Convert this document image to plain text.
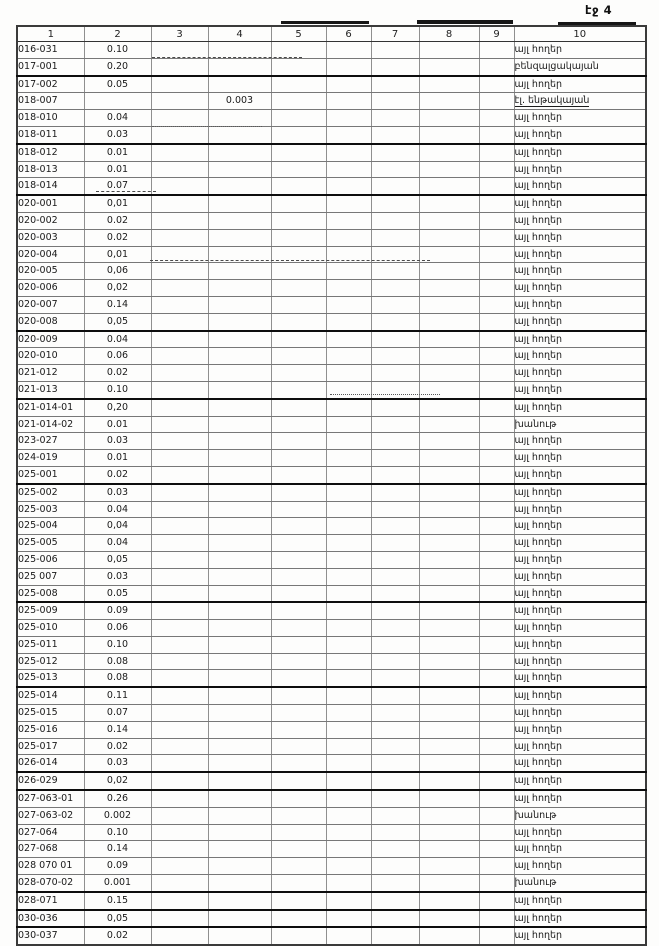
էջ 4
1	2	3	4	5	6	7	8	9	10
016-031	0.10								այլ հողեր
017-001	0.20								բենզալցակայան
017-002	0.05								այլ հողեր
018-007			0.003						էլ. ենթակայան
018-010	0.04								այլ հողեր
018-011	0.03								այլ հողեր
018-012	0.01								այլ հողեր
018-013	0.01								այլ հողեր
018-014	0.07								այլ հողեր
020-001	0,01								այլ հողեր
020-002	0.02								այլ հողեր
020-003	0.02								այլ հողեր
020-004	0,01								այլ հողեր
020-005	0,06								այլ հողեր
020-006	0,02								այլ հողեր
020-007	0.14								այլ հողեր
020-008	0,05								այլ հողեր
020-009	0.04								այլ հողեր
020-010	0.06								այլ հողեր
021-012	0.02								այլ հողեր
021-013	0.10								այլ հողեր
021-014-01	0,20								այլ հողեր
021-014-02	0.01								խանութ
023-027	0.03								այլ հողեր
024-019	0.01								այլ հողեր
025-001	0.02								այլ հողեր
025-002	0.03								այլ հողեր
025-003	0.04								այլ հողեր
025-004	0,04								այլ հողեր
025-005	0.04								այլ հողեր
025-006	0,05								այլ հողեր
025 007	0.03								այլ հողեր
025-008	0.05								այլ հողեր
025-009	0.09								այլ հողեր
025-010	0.06								այլ հողեր
025-011	0.10								այլ հողեր
025-012	0.08								այլ հողեր
025-013	0.08								այլ հողեր
025-014	0.11								այլ հողեր
025-015	0.07								այլ հողեր
025-016	0.14								այլ հողեր
025-017	0.02								այլ հողեր
026-014	0.03								այլ հողեր
026-029	0,02								այլ հողեր
027-063-01	0.26								այլ հողեր
027-063-02	0.002								խանութ
027-064	0.10								այլ հողեր
027-068	0.14								այլ հողեր
028 070 01	0.09								այլ հողեր
028-070-02	0.001								խանութ
028-071	0.15								այլ հողեր
030-036	0,05								այլ հողեր
030-037	0.02								այլ հողեր
